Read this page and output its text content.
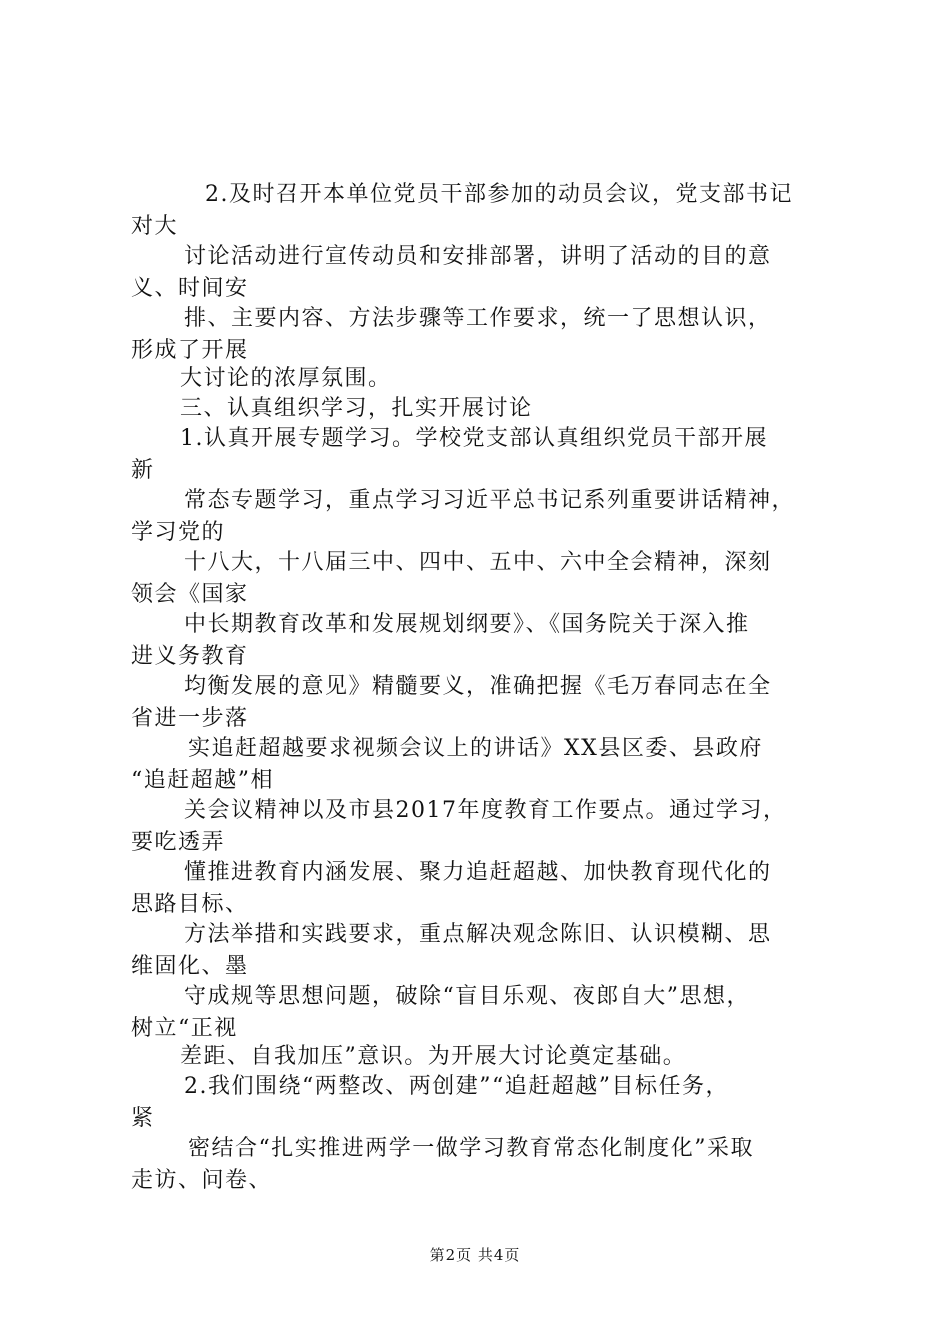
2.及时召开本单位党员干部参加的动员会议，党支部书记
对大
讨论活动进行宣传动员和安排部署，讲明了活动的目的意
义、时间安
排、主要内容、方法步骤等工作要求，统一了思想认识，
形成了开展
大讨论的浓厚氛围。
三、认真组织学习，扎实开展讨论
1.认真开展专题学习。学校党支部认真组织党员干部开展
新
常态专题学习，重点学习习近平总书记系列重要讲话精神，
学习党的
十八大，十八届三中、四中、五中、六中全会精神，深刻
领会《国家
中长期教育改革和发展规划纲要》、《国务院关于深入推
进义务教育
均衡发展的意见》精髓要义，准确把握《毛万春同志在全
省进一步落
实追赶超越要求视频会议上的讲话》XX县区委、县政府
“追赶超越”相
关会议精神以及市县2017年度教育工作要点。通过学习，
要吃透弄
懂推进教育内涵发展、聚力追赶超越、加快教育现代化的
思路目标、
方法举措和实践要求，重点解决观念陈旧、认识模糊、思
维固化、墨
守成规等思想问题，破除“盲目乐观、夜郎自大”思想，
树立“正视
差距、自我加压”意识。为开展大讨论奠定基础。
2.我们围绕“两整改、两创建”“追赶超越”目标任务，
紧
密结合“扎实推进两学一做学习教育常态化制度化”采取
走访、问卷、
第2页 共4页
